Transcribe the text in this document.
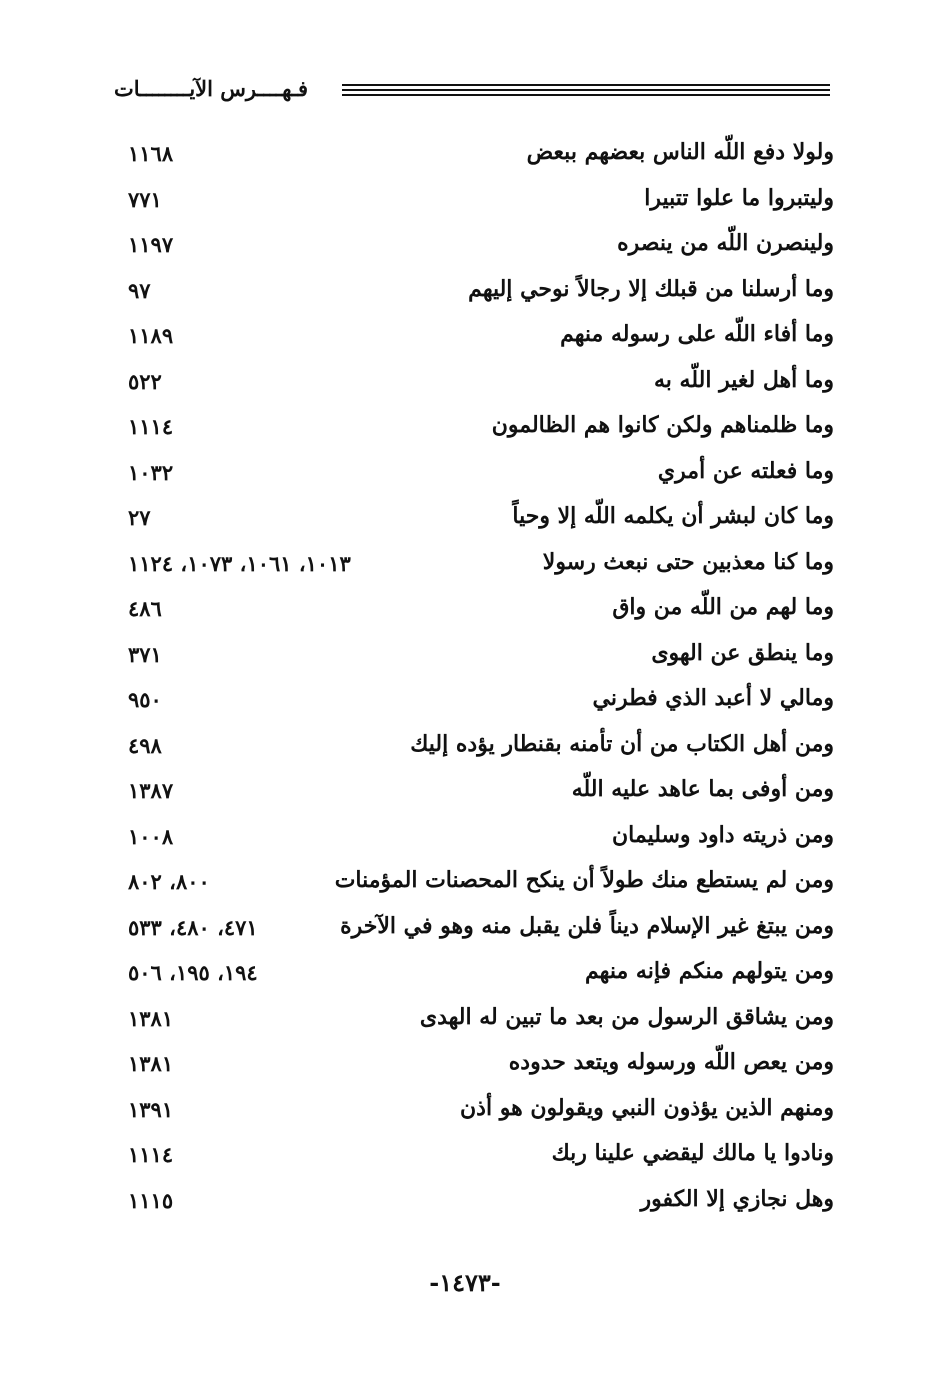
فـهــــرس الآيــــــــات
ولولا دفع اللّه الناس بعضهم ببعض
١١٦٨
وليتبروا ما علوا تتبيرا
٧٧١
ولينصرن اللّه من ينصره
١١٩٧
وما أرسلنا من قبلك إلا رجالاً نوحي إليهم
٩٧
وما أفاء اللّه على رسوله منهم
١١٨٩
وما أهل لغير اللّه به
٥٢٢
وما ظلمناهم ولكن كانوا هم الظالمون
١١١٤
وما فعلته عن أمري
١٠٣٢
وما كان لبشر أن يكلمه اللّه إلا وحياً
٢٧
وما كنا معذبين حتى نبعث رسولا
١٠١٣، ١٠٦١، ١٠٧٣، ١١٢٤
وما لهم من اللّه من واق
٤٨٦
وما ينطق عن الهوى
٣٧١
ومالي لا أعبد الذي فطرني
٩٥٠
ومن أهل الكتاب من أن تأمنه بقنطار يؤده إليك
٤٩٨
ومن أوفى بما عاهد عليه اللّه
١٣٨٧
ومن ذريته داود وسليمان
١٠٠٨
ومن لم يستطع منك طولاً أن ينكح المحصنات المؤمنات
٨٠٠، ٨٠٢
ومن يبتغ غير الإسلام ديناً فلن يقبل منه وهو في الآخرة
٤٧١، ٤٨٠، ٥٣٣
ومن يتولهم منكم فإنه منهم
١٩٤، ١٩٥، ٥٠٦
ومن يشاقق الرسول من بعد ما تبين له الهدى
١٣٨١
ومن يعص اللّه ورسوله ويتعد حدوده
١٣٨١
ومنهم الذين يؤذون النبي ويقولون هو أذن
١٣٩١
ونادوا يا مالك ليقضي علينا ربك
١١١٤
وهل نجازي إلا الكفور
١١١٥
-١٤٧٣-
